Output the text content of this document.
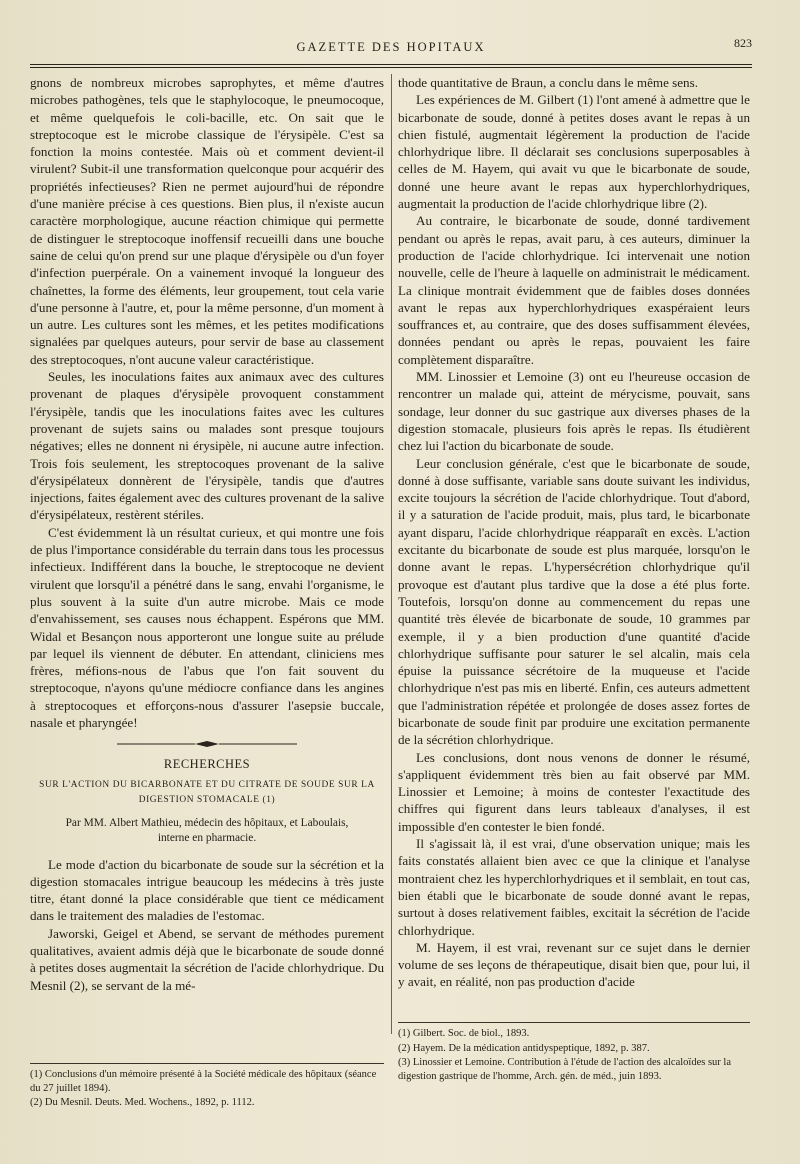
GAZETTE DES HOPITAUX	823

gnons de nombreux microbes saprophytes, et même d'autres microbes pathogènes, tels que le staphylocoque, le pneumocoque, et même quelquefois le coli-bacille, etc. On sait que le streptocoque est le microbe classique de l'érysipèle. C'est sa fonction la moins contestée. Mais où et comment devient-il virulent? Subit-il une transformation quelconque pour acquérir des propriétés infectieuses? Rien ne permet aujourd'hui de répondre d'une manière précise à ces questions. Bien plus, il n'existe aucun caractère morphologique, aucune réaction chimique qui permette de distinguer le streptocoque inoffensif recueilli dans une bouche saine de celui qu'on prend sur une plaque d'érysipèle ou d'un foyer d'infection puerpérale. On a vainement invoqué la longueur des chaînettes, la forme des éléments, leur groupement, tout cela varie d'une personne à l'autre, et, pour la même personne, d'un moment à un autre. Les cultures sont les mêmes, et les petites modifications signalées par quelques auteurs, pour servir de base au classement des streptocoques, n'ont aucune valeur caractéristique.

Seules, les inoculations faites aux animaux avec des cultures provenant de plaques d'érysipèle provoquent constamment l'érysipèle, tandis que les inoculations faites avec les cultures provenant de sujets sains ou malades sont presque toujours négatives; elles ne donnent ni érysipèle, ni aucune autre infection. Trois fois seulement, les streptocoques provenant de la salive d'érysipélateux donnèrent de l'érysipèle, tandis que d'autres injections, faites également avec des cultures provenant de la salive d'érysipélateux, restèrent stériles.

C'est évidemment là un résultat curieux, et qui montre une fois de plus l'importance considérable du terrain dans tous les processus infectieux. Indifférent dans la bouche, le streptocoque ne devient virulent que lorsqu'il a pénétré dans le sang, envahi l'organisme, le plus souvent à la suite d'un autre microbe. Mais ce mode d'envahissement, ses causes nous échappent. Espérons que MM. Widal et Besançon nous apporteront une longue suite au prélude par lequel ils viennent de débuter. En attendant, cliniciens mes frères, méfions-nous de l'abus que l'on fait souvent du streptocoque, n'ayons qu'une médiocre confiance dans les angines à streptocoques et efforçons-nous d'assurer l'asepsie buccale, nasale et pharyngée!

RECHERCHES
SUR L'ACTION DU BICARBONATE ET DU CITRATE DE SOUDE SUR LA DIGESTION STOMACALE (1)
Par MM. Albert Mathieu, médecin des hôpitaux, et Laboulais,
interne en pharmacie.

Le mode d'action du bicarbonate de soude sur la sécrétion et la digestion stomacales intrigue beaucoup les médecins à très juste titre, étant donné la place considérable que tient ce médicament dans le traitement des maladies de l'estomac.

Jaworski, Geigel et Abend, se servant de méthodes purement qualitatives, avaient admis déjà que le bicarbonate de soude donné à petites doses augmentait la sécrétion de l'acide chlorhydrique. Du Mesnil (2), se servant de la mé-

thode quantitative de Braun, a conclu dans le même sens.

Les expériences de M. Gilbert (1) l'ont amené à admettre que le bicarbonate de soude, donné à petites doses avant le repas à un chien fistulé, augmentait légèrement la production de l'acide chlorhydrique libre. Il déclarait ses conclusions superposables à celles de M. Hayem, qui avait vu que le bicarbonate de soude, donné une heure avant le repas aux hyperchlorhydriques, augmentait la production de l'acide chlorhydrique libre (2).

Au contraire, le bicarbonate de soude, donné tardivement pendant ou après le repas, avait paru, à ces auteurs, diminuer la production de l'acide chlorhydrique. Ici intervenait une notion nouvelle, celle de l'heure à laquelle on administrait le médicament. La clinique montrait évidemment que de faibles doses données avant le repas aux hyperchlorhydriques exaspéraient leurs souffrances et, au contraire, que des doses suffisamment élevées, données pendant ou après le repas, pouvaient les faire complètement disparaître.

MM. Linossier et Lemoine (3) ont eu l'heureuse occasion de rencontrer un malade qui, atteint de mérycisme, pouvait, sans sondage, leur donner du suc gastrique aux diverses phases de la digestion stomacale, plusieurs fois après le repas. Ils étudièrent chez lui l'action du bicarbonate de soude.

Leur conclusion générale, c'est que le bicarbonate de soude, donné à dose suffisante, variable sans doute suivant les individus, excite toujours la sécrétion de l'acide chlorhydrique. Tout d'abord, il y a saturation de l'acide produit, mais, plus tard, le bicarbonate ayant disparu, l'acide chlorhydrique réapparaît en excès. L'action excitante du bicarbonate de soude est plus marquée, lorsqu'on le donne avant le repas. L'hypersécrétion chlorhydrique qu'il provoque est d'autant plus tardive que la dose a été plus forte. Toutefois, lorsqu'on donne au commencement du repas une quantité très élevée de bicarbonate de soude, 10 grammes par exemple, il y a bien production d'une quantité d'acide chlorhydrique suffisante pour saturer le sel alcalin, mais cela épuise la puissance sécrétoire de la muqueuse et l'acide chlorhydrique n'est pas mis en liberté. Enfin, ces auteurs admettent que l'administration répétée et prolongée de doses assez fortes de bicarbonate de soude finit par produire une excitation permanente de la sécrétion chlorhydrique.

Les conclusions, dont nous venons de donner le résumé, s'appliquent évidemment très bien au fait observé par MM. Linossier et Lemoine; à moins de contester l'exactitude des chiffres qui figurent dans leurs tableaux d'analyses, il est impossible d'en contester le bien fondé.

Il s'agissait là, il est vrai, d'une observation unique; mais les faits constatés allaient bien avec ce que la clinique et l'analyse montraient chez les hyperchlorhydriques et il semblait, en tout cas, bien établi que le bicarbonate de soude donné avant le repas, surtout à doses relativement faibles, excitait la sécrétion de l'acide chlorhydrique.

M. Hayem, il est vrai, revenant sur ce sujet dans le dernier volume de ses leçons de thérapeutique, disait bien que, pour lui, il y avait, en réalité, non pas production d'acide

(1) Conclusions d'un mémoire présenté à la Société médicale des hôpitaux (séance du 27 juillet 1894).
(2) Du Mesnil. Deuts. Med. Wochens., 1892, p. 1112.
(1) Gilbert. Soc. de biol., 1893.
(2) Hayem. De la médication antidyspeptique, 1892, p. 387.
(3) Linossier et Lemoine. Contribution à l'étude de l'action des alcaloïdes sur la digestion gastrique de l'homme, Arch. gén. de méd., juin 1893.
